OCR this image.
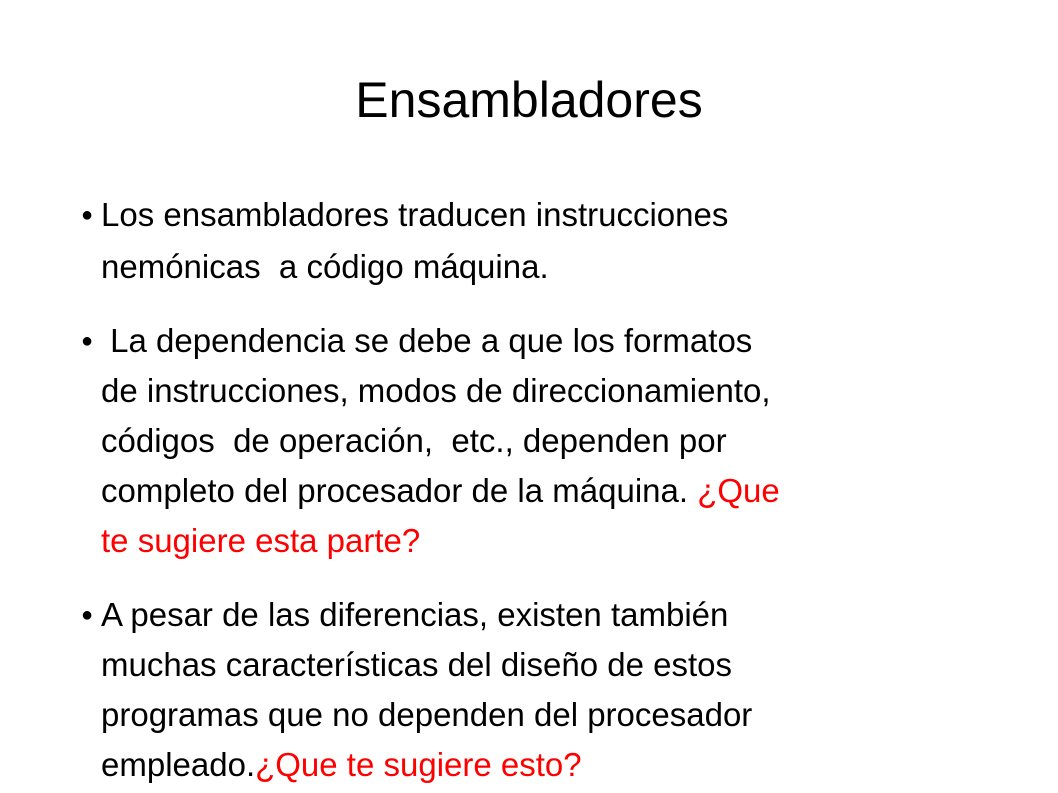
Ensambladores
● Los ensambladores traducen instrucciones
nemónicas  a código máquina.
● La dependencia se debe a que los formatos
de instrucciones, modos de direccionamiento,
códigos  de operación,  etc., dependen por
completo del procesador de la máquina. ¿Que
te sugiere esta parte?
● A pesar de las diferencias, existen también
muchas características del diseño de estos
programas que no dependen del procesador
empleado.¿Que te sugiere esto?
